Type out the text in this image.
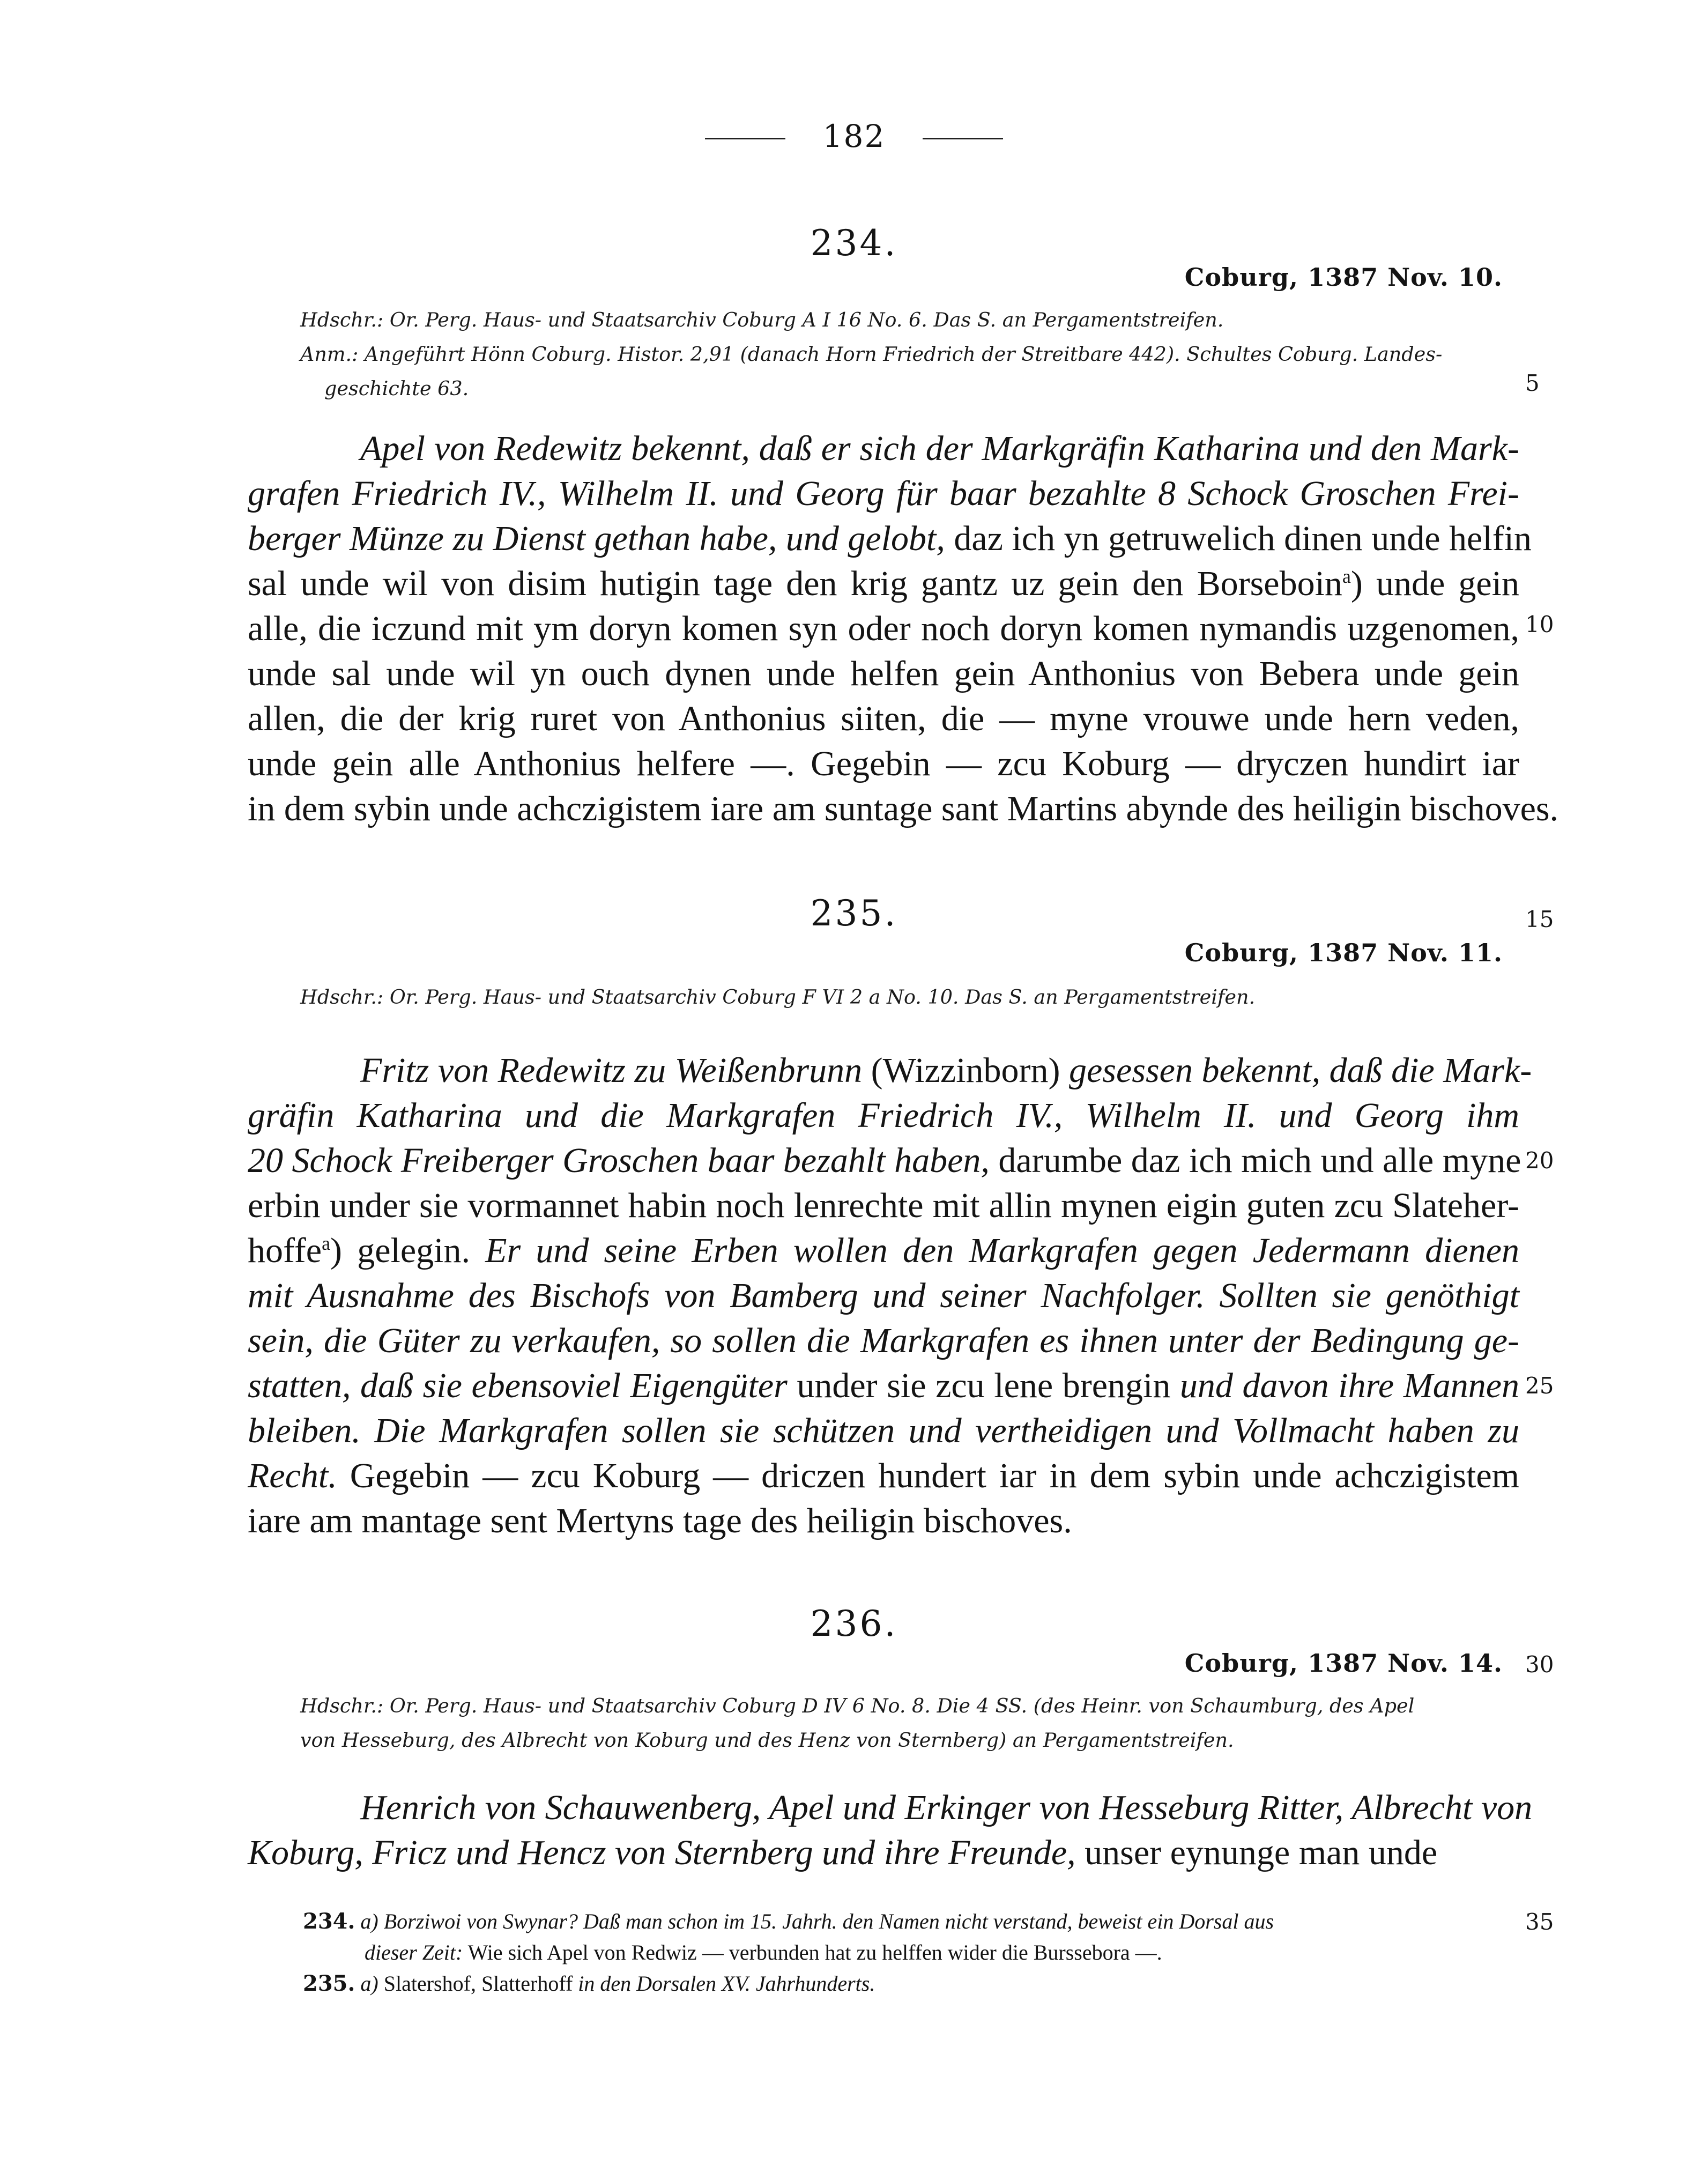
182
234.
Coburg, 1387 Nov. 10.
Hdschr.: Or. Perg. Haus- und Staatsarchiv Coburg A I 16 No. 6. Das S. an Pergamentstreifen.
Anm.: Angeführt Hönn Coburg. Histor. 2,91 (danach Horn Friedrich der Streitbare 442). Schultes Coburg. Landes-
geschichte 63.
Apel von Redewitz bekennt, daß er sich der Markgräfin Katharina und den Mark-
grafen Friedrich IV., Wilhelm II. und Georg für baar bezahlte 8 Schock Groschen Frei-
berger Münze zu Dienst gethan habe, und gelobt, daz ich yn getruwelich dinen unde helfin
sal unde wil von disim hutigin tage den krig gantz uz gein den Borseboin$^a$) unde gein
alle, die iczund mit ym doryn komen syn oder noch doryn komen nymandis uzgenomen,
unde sal unde wil yn ouch dynen unde helfen gein Anthonius von Bebera unde gein
allen, die der krig ruret von Anthonius siiten, die — myne vrouwe unde hern veden,
unde gein alle Anthonius helfere —. Gegebin — zcu Koburg — dryczen hundirt iar
in dem sybin unde achczigistem iare am suntage sant Martins abynde des heiligin bischoves.
235.
Coburg, 1387 Nov. 11.
Hdschr.: Or. Perg. Haus- und Staatsarchiv Coburg F VI 2 a No. 10. Das S. an Pergamentstreifen.
Fritz von Redewitz zu Weißenbrunn (Wizzinborn) gesessen bekennt, daß die Mark-
gräfin Katharina und die Markgrafen Friedrich IV., Wilhelm II. und Georg ihm
20 Schock Freiberger Groschen baar bezahlt haben, darumbe daz ich mich und alle myne
erbin under sie vormannet habin noch lenrechte mit allin mynen eigin guten zcu Slateher-
hoffe$^a$) gelegin. Er und seine Erben wollen den Markgrafen gegen Jedermann dienen
mit Ausnahme des Bischofs von Bamberg und seiner Nachfolger. Sollten sie genöthigt
sein, die Güter zu verkaufen, so sollen die Markgrafen es ihnen unter der Bedingung ge-
statten, daß sie ebensoviel Eigengüter under sie zcu lene brengin und davon ihre Mannen
bleiben. Die Markgrafen sollen sie schützen und vertheidigen und Vollmacht haben zu
Recht. Gegebin — zcu Koburg — driczen hundert iar in dem sybin unde achczigistem
iare am mantage sent Mertyns tage des heiligin bischoves.
236.
Coburg, 1387 Nov. 14.
Hdschr.: Or. Perg. Haus- und Staatsarchiv Coburg D IV 6 No. 8. Die 4 SS. (des Heinr. von Schaumburg, des Apel
von Hesseburg, des Albrecht von Koburg und des Henz von Sternberg) an Pergamentstreifen.
Henrich von Schauwenberg, Apel und Erkinger von Hesseburg Ritter, Albrecht von
Koburg, Fricz und Hencz von Sternberg und ihre Freunde, unser eynunge man unde
5
10
15
20
25
30
35
234. a) Borziwoi von Swynar? Daß man schon im 15. Jahrh. den Namen nicht verstand, beweist ein Dorsal aus
dieser Zeit: Wie sich Apel von Redwiz — verbunden hat zu helffen wider die Burssebora —.
235. a) Slatershof, Slatterhoff in den Dorsalen XV. Jahrhunderts.
